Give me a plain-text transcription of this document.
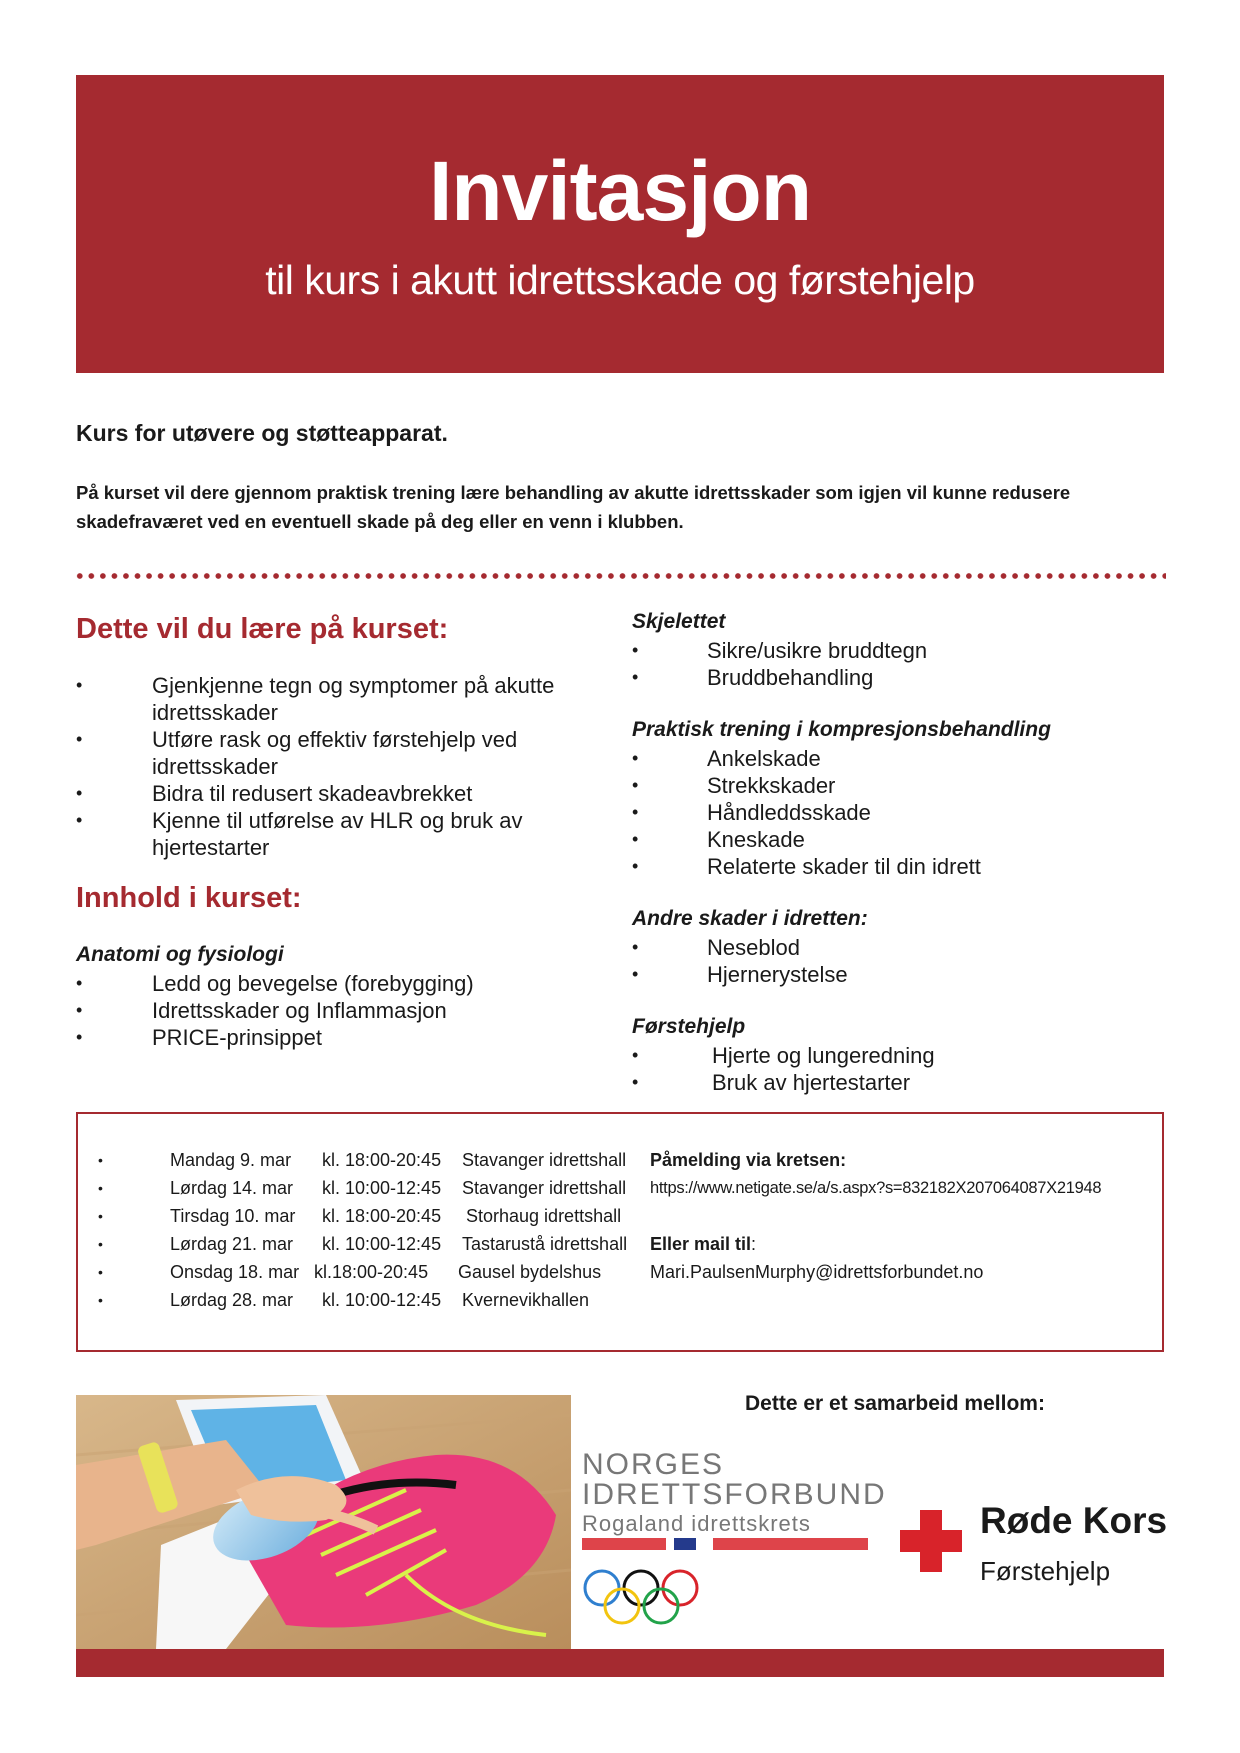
Invitasjon
til kurs i akutt idrettsskade og førstehjelp
Kurs for utøvere og støtteapparat.
På kurset vil dere gjennom praktisk trening lære behandling av akutte idrettsskader som igjen vil kunne redusere skadefraværet ved en eventuell skade på deg eller en venn i klubben.
Dette vil du lære på kurset:
• Gjenkjenne tegn og symptomer på akutte idrettsskader
• Utføre rask og effektiv førstehjelp ved idrettsskader
• Bidra til redusert skadeavbrekket
• Kjenne til utførelse av HLR og bruk av hjertestarter
Innhold i kurset:
Anatomi og fysiologi
• Ledd og bevegelse (forebygging)
• Idrettsskader og Inflammasjon
• PRICE-prinsippet
Skjelettet
• Sikre/usikre bruddtegn
• Bruddbehandling
Praktisk trening i kompresjonsbehandling
• Ankelskade
• Strekkskader
• Håndleddsskade
• Kneskade
• Relaterte skader til din idrett
Andre skader i idretten:
• Neseblod
• Hjernerystelse
Førstehjelp
• Hjerte og lungeredning
• Bruk av hjertestarter
•	Mandag 9. mar kl. 18:00-20:45 Stavanger idrettshall
•	Lørdag 14. mar kl. 10:00-12:45 Stavanger idrettshall
•	Tirsdag 10. mar kl. 18:00-20:45 Storhaug idrettshall
•	Lørdag 21. mar kl. 10:00-12:45 Tastarustå idrettshall
•	Onsdag 18. mar kl.18:00-20:45 Gausel bydelshus
•	Lørdag 28. mar kl. 10:00-12:45 Kvernevikhallen
Påmelding via kretsen:
https://www.netigate.se/a/s.aspx?s=832182X207064087X21948
Eller mail til:
Mari.PaulsenMurphy@idrettsforbundet.no
Dette er et samarbeid mellom:
NORGES
IDRETTSFORBUND
Rogaland idrettskrets	Røde Kors
Førstehjelp
